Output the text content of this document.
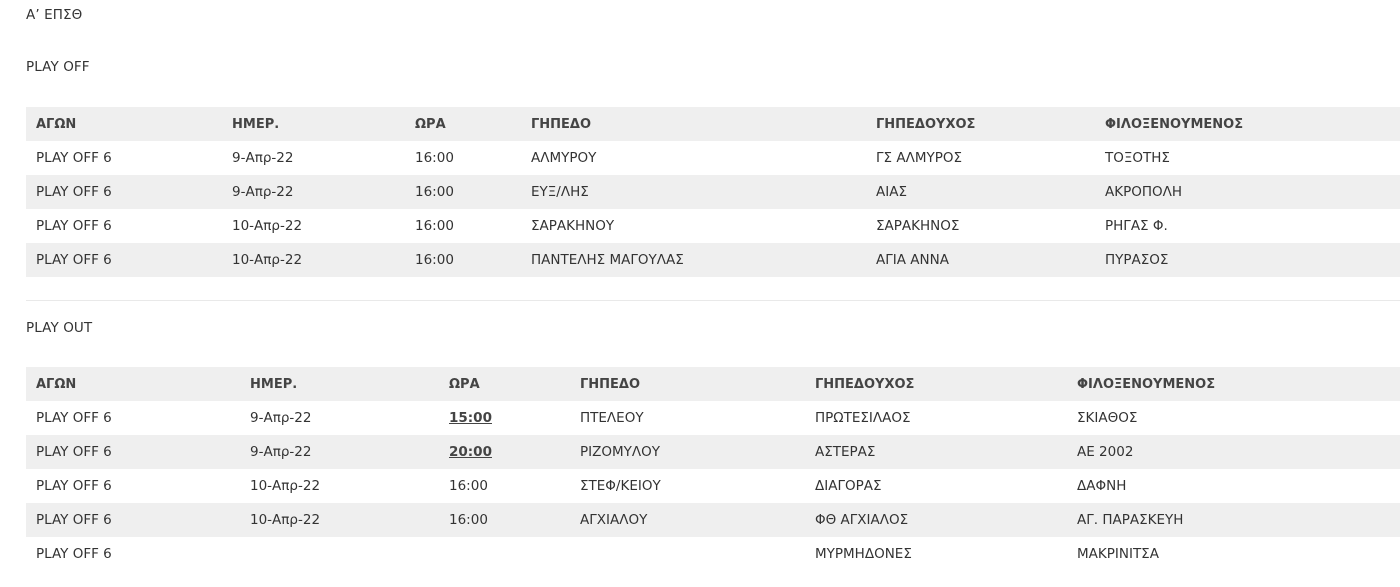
Α’ ΕΠΣΘ
PLAY OFF
ΑΓΩΝ	ΗΜΕΡ.	ΩΡΑ	ΓΗΠΕΔΟ	ΓΗΠΕΔΟΥΧΟΣ	ΦΙΛΟΞΕΝΟΥΜΕΝΟΣ
PLAY OFF 6	9-Απρ-22	16:00	ΑΛΜΥΡΟΥ	ΓΣ ΑΛΜΥΡΟΣ	ΤΟΞΟΤΗΣ
PLAY OFF 6	9-Απρ-22	16:00	ΕΥΞ/ΛΗΣ	ΑΙΑΣ	ΑΚΡΟΠΟΛΗ
PLAY OFF 6	10-Απρ-22	16:00	ΣΑΡΑΚΗΝΟΥ	ΣΑΡΑΚΗΝΟΣ	ΡΗΓΑΣ Φ.
PLAY OFF 6	10-Απρ-22	16:00	ΠΑΝΤΕΛΗΣ ΜΑΓΟΥΛΑΣ	ΑΓΙΑ ΑΝΝΑ	ΠΥΡΑΣΟΣ
PLAY OUT
ΑΓΩΝ	ΗΜΕΡ.	ΩΡΑ	ΓΗΠΕΔΟ	ΓΗΠΕΔΟΥΧΟΣ	ΦΙΛΟΞΕΝΟΥΜΕΝΟΣ
PLAY OFF 6	9-Απρ-22	15:00	ΠΤΕΛΕΟΥ	ΠΡΩΤΕΣΙΛΑΟΣ	ΣΚΙΑΘΟΣ
PLAY OFF 6	9-Απρ-22	20:00	ΡΙΖΟΜΥΛΟΥ	ΑΣΤΕΡΑΣ	ΑΕ 2002
PLAY OFF 6	10-Απρ-22	16:00	ΣΤΕΦ/ΚΕΙΟΥ	ΔΙΑΓΟΡΑΣ	ΔΑΦΝΗ
PLAY OFF 6	10-Απρ-22	16:00	ΑΓΧΙΑΛΟΥ	ΦΘ ΑΓΧΙΑΛΟΣ	ΑΓ. ΠΑΡΑΣΚΕΥΗ
PLAY OFF 6				ΜΥΡΜΗΔΟΝΕΣ	ΜΑΚΡΙΝΙΤΣΑ
